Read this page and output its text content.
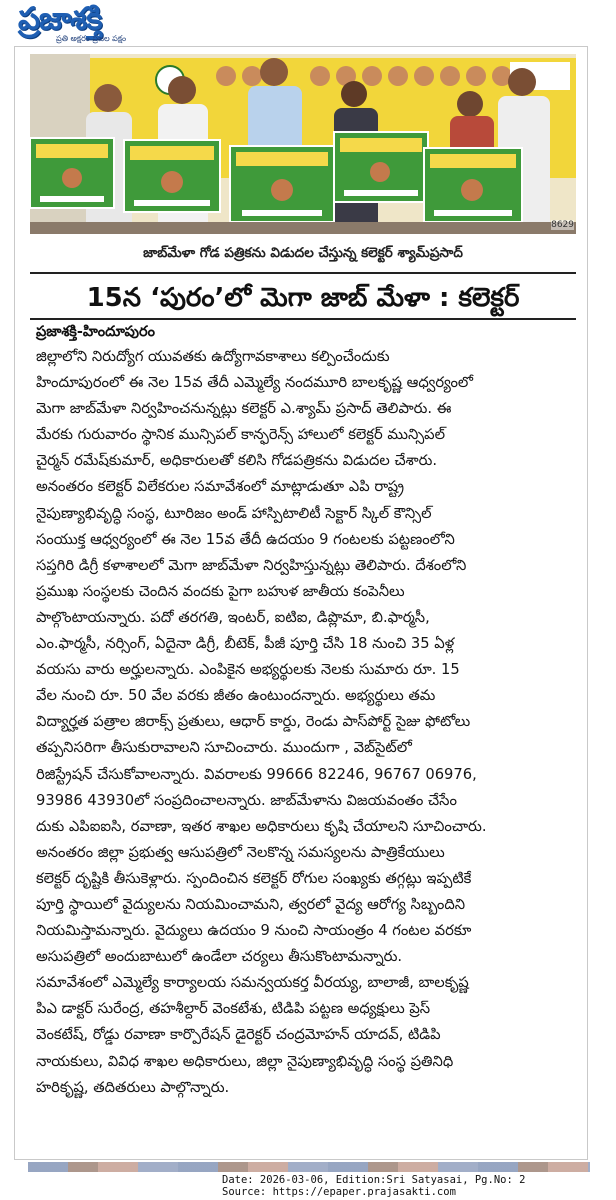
ప్రజాశక్తి
ప్రతి అక్షరం ప్రజల పక్షం
8629
జాబ్‌మేళా గోడ పత్రికను విడుదల చేస్తున్న కలెక్టర్ శ్యామ్‌ప్రసాద్
15న ‘పురం’లో మెగా జాబ్ మేళా : కలెక్టర్
ప్రజాశక్తి-హిందూపురం
జిల్లాలోని నిరుద్యోగ యువతకు ఉద్యోగావకాశాలు కల్పించేందుకు
హిందూపురంలో ఈ నెల 15వ తేదీ ఎమ్మెల్యే నందమూరి బాలకృష్ణ ఆధ్వర్యంలో
మెగా జాబ్‌మేళా నిర్వహించనున్నట్లు కలెక్టర్ ఎ.శ్యామ్ ప్రసాద్ తెలిపారు. ఈ
మేరకు గురువారం స్థానిక మున్సిపల్ కాన్ఫరెన్స్ హాలులో కలెక్టర్ మున్సిపల్
చైర్మన్ రమేష్‌కుమార్, అధికారులతో కలిసి గోడపత్రికను విడుదల చేశారు.
అనంతరం కలెక్టర్ విలేకరుల సమావేశంలో మాట్లాడుతూ ఎపి రాష్ట్ర
నైపుణ్యాభివృద్ధి సంస్థ, టూరిజం అండ్ హాస్పిటాలిటీ సెక్టార్ స్కిల్ కౌన్సిల్
సంయుక్త ఆధ్వర్యంలో ఈ నెల 15వ తేదీ ఉదయం 9 గంటలకు పట్టణంలోని
సప్తగిరి డిగ్రీ కళాశాలలో మెగా జాబ్‌మేళా నిర్వహిస్తున్నట్లు తెలిపారు. దేశంలోని
ప్రముఖ సంస్థలకు చెందిన వందకు పైగా బహుళ జాతీయ కంపెనీలు
పాల్గొంటాయన్నారు. పదో తరగతి, ఇంటర్, ఐటిఐ, డిప్లొమా, బి.ఫార్మసీ,
ఎం.ఫార్మసీ, నర్సింగ్, ఏదైనా డిగ్రీ, బీటెక్, పీజీ పూర్తి చేసి 18 నుంచి 35 ఏళ్ల
వయసు వారు అర్హులన్నారు. ఎంపికైన అభ్యర్థులకు నెలకు సుమారు రూ. 15
వేల నుంచి రూ. 50 వేల వరకు జీతం ఉంటుందన్నారు. అభ్యర్థులు తమ
విద్యార్హత పత్రాల జిరాక్స్ ప్రతులు, ఆధార్ కార్డు, రెండు పాస్‌పోర్ట్ సైజు ఫోటోలు
తప్పనిసరిగా తీసుకురావాలని సూచించారు. ముందుగా , వెబ్‌సైట్‌లో
రిజిస్ట్రేషన్ చేసుకోవాలన్నారు. వివరాలకు 99666 82246, 96767 06976,
93986 43930లో సంప్రదించాలన్నారు. జాబ్‌మేళాను విజయవంతం చేసేం
దుకు ఎపిఐఐసి, రవాణా, ఇతర శాఖల అధికారులు కృషి చేయాలని సూచించారు.
అనంతరం జిల్లా ప్రభుత్వ ఆసుపత్రిలో నెలకొన్న సమస్యలను పాత్రికేయులు
కలెక్టర్ దృష్టికి తీసుకెళ్లారు. స్పందించిన కలెక్టర్ రోగుల సంఖ్యకు తగ్గట్లు ఇప్పటికే
పూర్తి స్థాయిలో వైద్యులను నియమించామని, త్వరలో వైద్య ఆరోగ్య సిబ్బందిని
నియమిస్తామన్నారు. వైద్యులు ఉదయం 9 నుంచి సాయంత్రం 4 గంటల వరకూ
అసుపత్రిలో అందుబాటులో ఉండేలా చర్యలు తీసుకొంటామన్నారు.
సమావేశంలో ఎమ్మెల్యే కార్యాలయ సమన్వయకర్త వీరయ్య, బాలాజీ, బాలకృష్ణ
పిఎ డాక్టర్ సురేంద్ర, తహశీల్దార్ వెంకటేశు, టిడిపి పట్టణ అధ్యక్షులు ప్రెస్
వెంకటేష్, రోడ్డు రవాణా కార్పొరేషన్ డైరెక్టర్ చంద్రమోహన్ యాదవ్, టిడిపి
నాయకులు, వివిధ శాఖల అధికారులు, జిల్లా నైపుణ్యాభివృద్ధి సంస్థ ప్రతినిధి
హరికృష్ణ, తదితరులు పాల్గొన్నారు.
Date: 2026-03-06, Edition:Sri Satyasai, Pg.No: 2
Source: https://epaper.prajasakti.com
